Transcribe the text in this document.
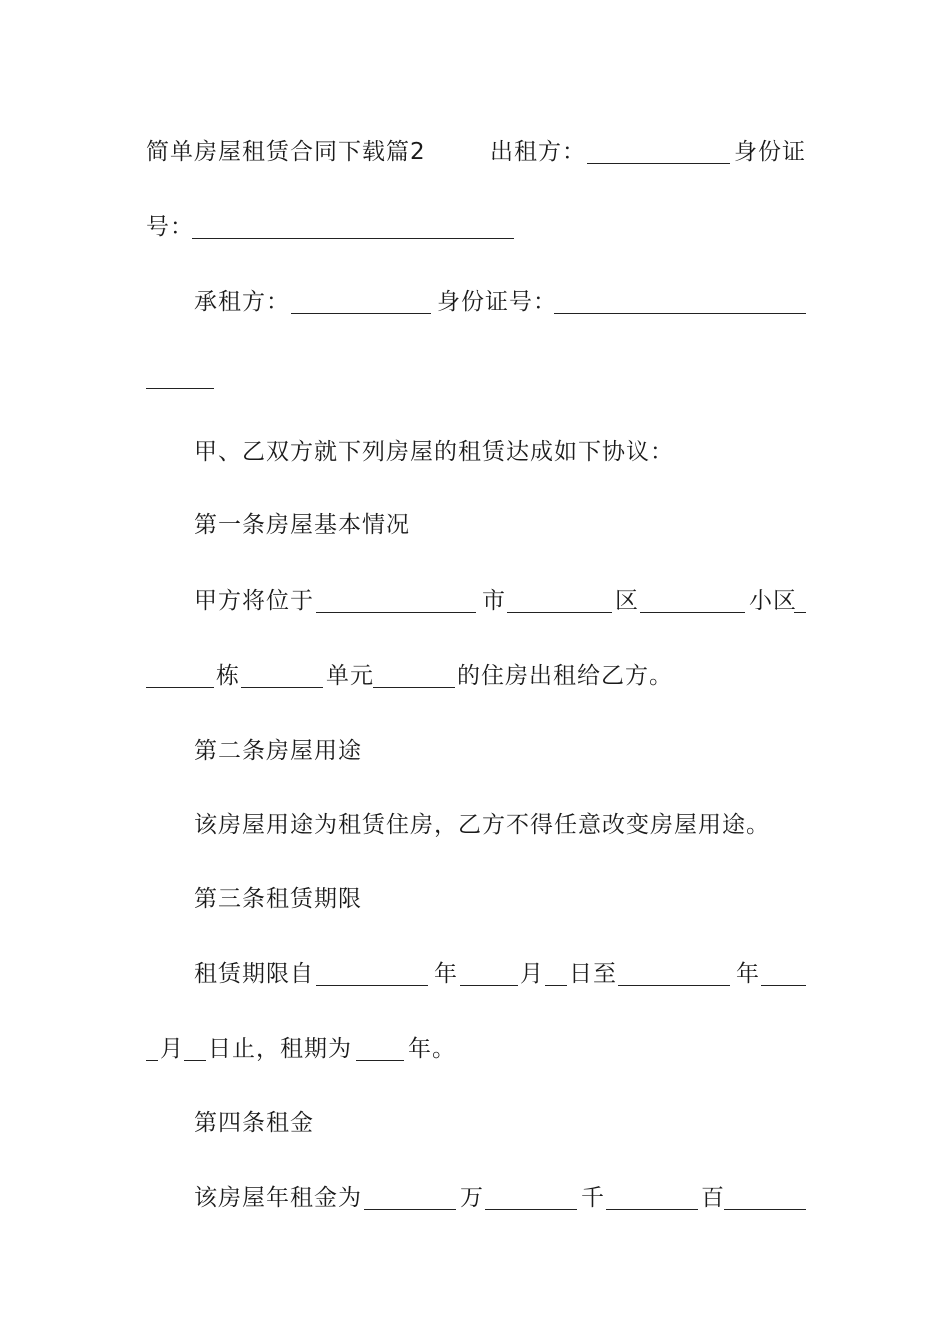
简单房屋租赁合同下载篇2	出租方：	身份证
号：
承租方：	身份证号：
甲、乙双方就下列房屋的租赁达成如下协议：
第一条房屋基本情况
甲方将位于	市	区	小区
栋	单元	的住房出租给乙方。
第二条房屋用途
该房屋用途为租赁住房，乙方不得任意改变房屋用途。
第三条租赁期限
租赁期限自	年	月 日至	年
月 日止，租期为 年。
第四条租金
该房屋年租金为	万	千	百
